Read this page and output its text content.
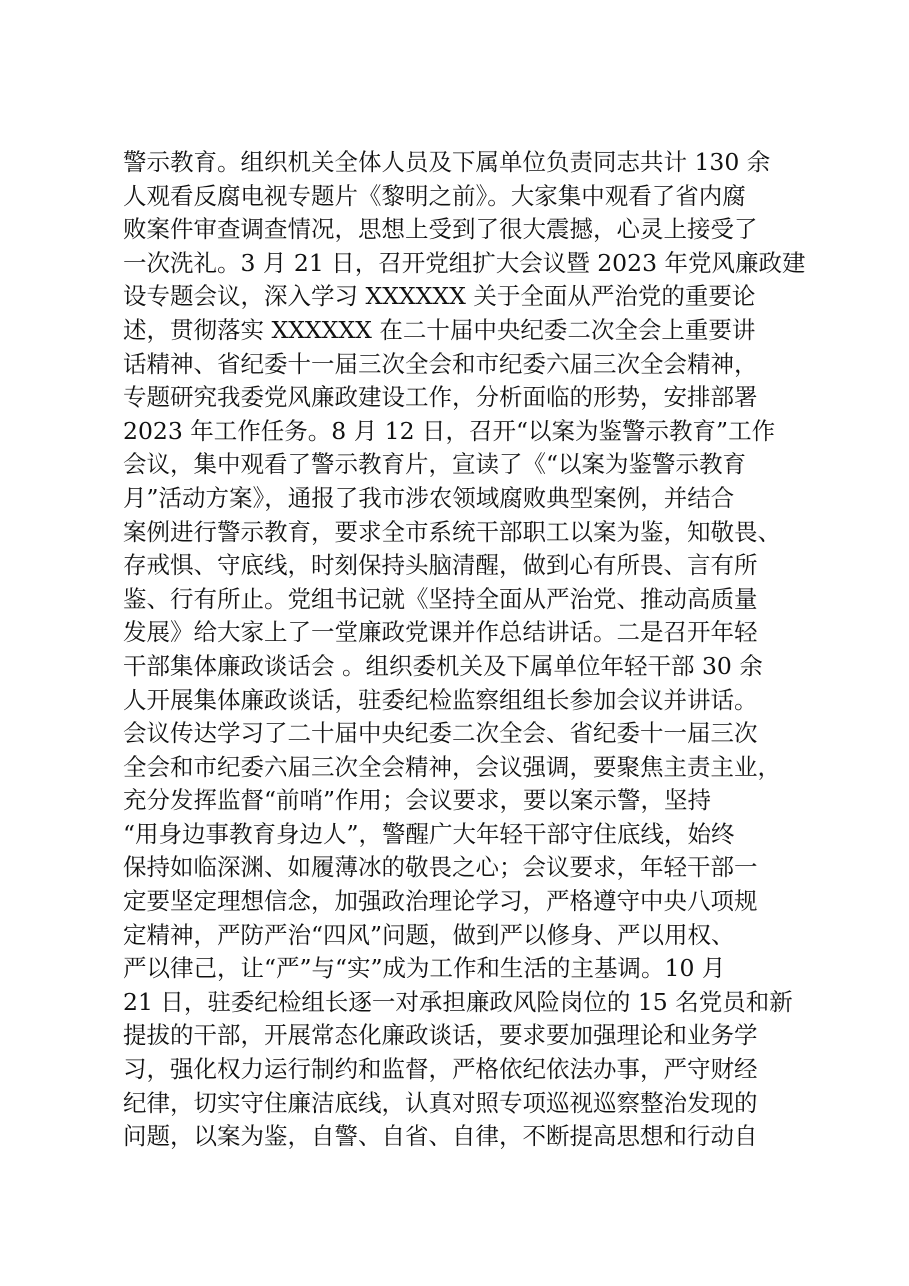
警示教育。组织机关全体人员及下属单位负责同志共计 130 余
人观看反腐电视专题片《黎明之前》。大家集中观看了省内腐
败案件审查调查情况，思想上受到了很大震撼，心灵上接受了
一次洗礼。3 月 21 日，召开党组扩大会议暨 2023 年党风廉政建
设专题会议，深入学习 XXXXXX 关于全面从严治党的重要论
述，贯彻落实 XXXXXX 在二十届中央纪委二次全会上重要讲
话精神、省纪委十一届三次全会和市纪委六届三次全会精神，
专题研究我委党风廉政建设工作，分析面临的形势，安排部署
2023 年工作任务。8 月 12 日，召开“以案为鉴警示教育”工作
会议，集中观看了警示教育片，宣读了《“以案为鉴警示教育
月”活动方案》，通报了我市涉农领域腐败典型案例，并结合
案例进行警示教育，要求全市系统干部职工以案为鉴，知敬畏、
存戒惧、守底线，时刻保持头脑清醒，做到心有所畏、言有所
鉴、行有所止。党组书记就《坚持全面从严治党、推动高质量
发展》给大家上了一堂廉政党课并作总结讲话。二是召开年轻
干部集体廉政谈话会 。组织委机关及下属单位年轻干部 30 余
人开展集体廉政谈话，驻委纪检监察组组长参加会议并讲话。
会议传达学习了二十届中央纪委二次全会、省纪委十一届三次
全会和市纪委六届三次全会精神，会议强调，要聚焦主责主业，
充分发挥监督“前哨”作用；会议要求，要以案示警，坚持
“用身边事教育身边人”，警醒广大年轻干部守住底线，始终
保持如临深渊、如履薄冰的敬畏之心；会议要求，年轻干部一
定要坚定理想信念，加强政治理论学习，严格遵守中央八项规
定精神，严防严治“四风”问题，做到严以修身、严以用权、
严以律己，让“严”与“实”成为工作和生活的主基调。10 月
21 日，驻委纪检组长逐一对承担廉政风险岗位的 15 名党员和新
提拔的干部，开展常态化廉政谈话，要求要加强理论和业务学
习，强化权力运行制约和监督，严格依纪依法办事，严守财经
纪律，切实守住廉洁底线，认真对照专项巡视巡察整治发现的
问题，以案为鉴，自警、自省、自律，不断提高思想和行动自
